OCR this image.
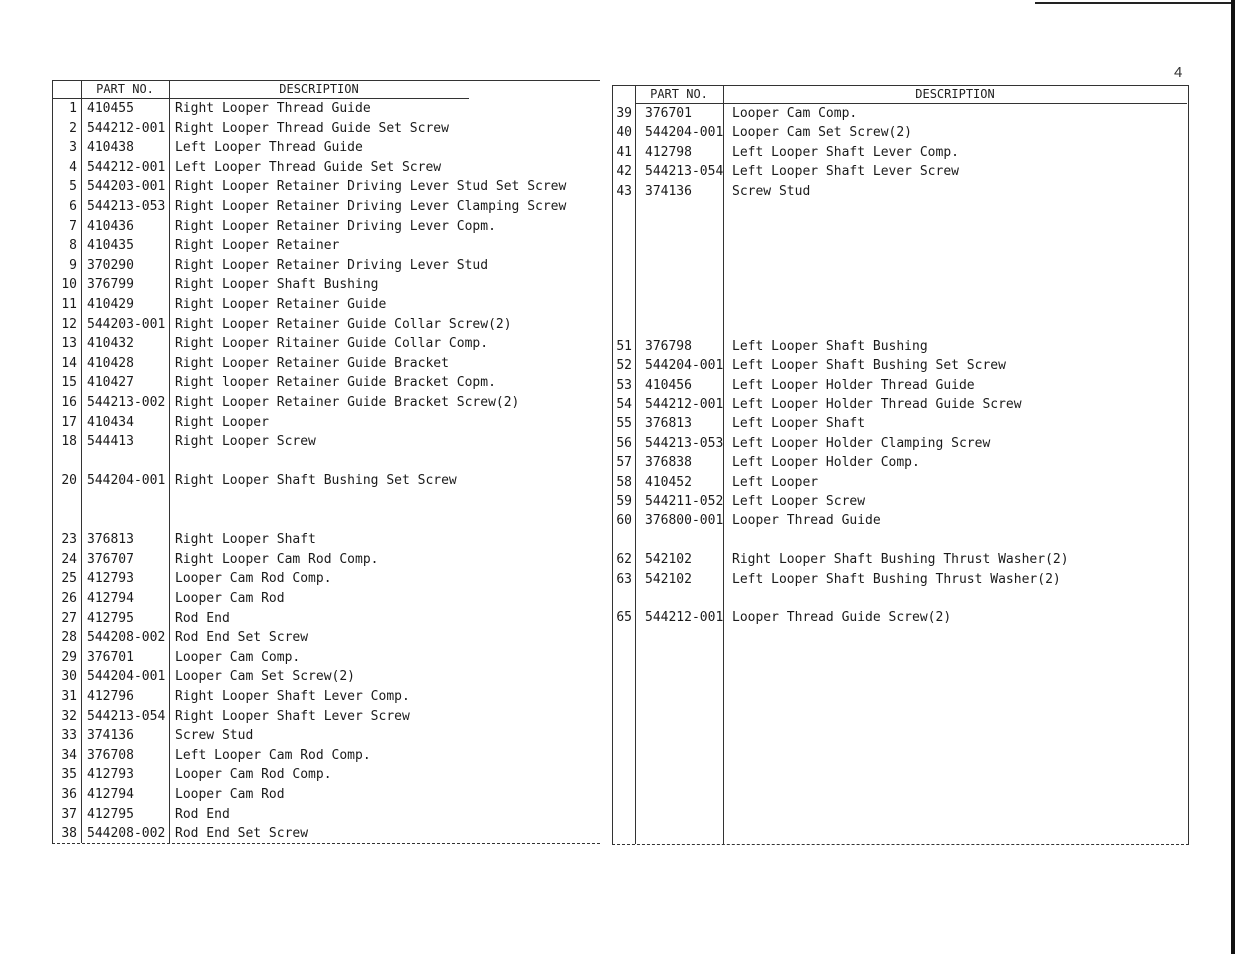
4
PART NO.	DESCRIPTION
1 410455	Right Looper Thread Guide
2 544212-001 Right Looper Thread Guide Set Screw
3 410438	Left Looper Thread Guide
4 544212-001 Left Looper Thread Guide Set Screw
5 544203-001 Right Looper Retainer Driving Lever Stud Set Screw
6 544213-053 Right Looper Retainer Driving Lever Clamping Screw
7 410436	Right Looper Retainer Driving Lever Copm.
8 410435	Right Looper Retainer
9 370290	Right Looper Retainer Driving Lever Stud
10 376799	Right Looper Shaft Bushing
11 410429	Right Looper Retainer Guide
12 544203-001 Right Looper Retainer Guide Collar Screw(2)
13 410432	Right Looper Ritainer Guide Collar Comp.
14 410428	Right Looper Retainer Guide Bracket
15 410427	Right looper Retainer Guide Bracket Copm.
16 544213-002 Right Looper Retainer Guide Bracket Screw(2)
17 410434	Right Looper
18 544413	Right Looper Screw
20 544204-001 Right Looper Shaft Bushing Set Screw
23 376813	Right Looper Shaft
24 376707	Right Looper Cam Rod Comp.
25 412793	Looper Cam Rod Comp.
26 412794	Looper Cam Rod
27 412795	Rod End
28 544208-002 Rod End Set Screw
29 376701	Looper Cam Comp.
30 544204-001 Looper Cam Set Screw(2)
31 412796	Right Looper Shaft Lever Comp.
32 544213-054 Right Looper Shaft Lever Screw
33 374136	Screw Stud
34 376708	Left Looper Cam Rod Comp.
35 412793	Looper Cam Rod Comp.
36 412794	Looper Cam Rod
37 412795	Rod End
38 544208-002 Rod End Set Screw
PART NO.	DESCRIPTION
39 376701	Looper Cam Comp.
40 544204-001 Looper Cam Set Screw(2)
41 412798	Left Looper Shaft Lever Comp.
42 544213-054 Left Looper Shaft Lever Screw
43 374136	Screw Stud
51 376798	Left Looper Shaft Bushing
52 544204-001 Left Looper Shaft Bushing Set Screw
53 410456	Left Looper Holder Thread Guide
54 544212-001 Left Looper Holder Thread Guide Screw
55 376813	Left Looper Shaft
56 544213-053 Left Looper Holder Clamping Screw
57 376838	Left Looper Holder Comp.
58 410452	Left Looper
59 544211-052 Left Looper Screw
60 376800-001 Looper Thread Guide
62 542102	Right Looper Shaft Bushing Thrust Washer(2)
63 542102	Left Looper Shaft Bushing Thrust Washer(2)
65 544212-001 Looper Thread Guide Screw(2)
